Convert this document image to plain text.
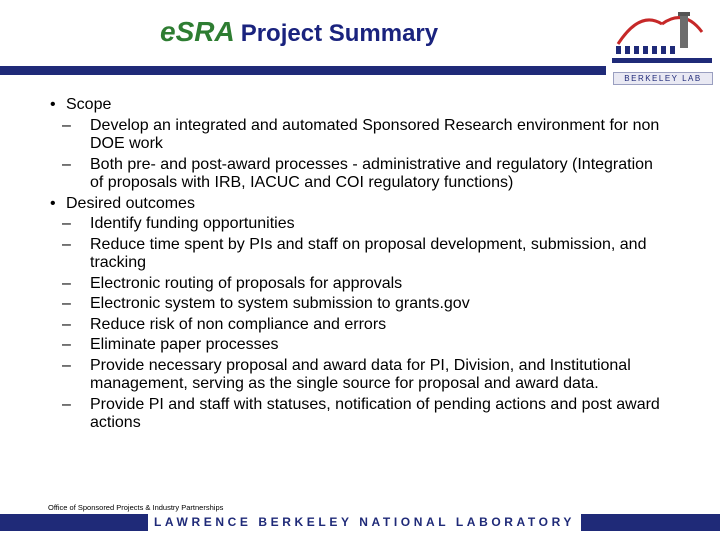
eSRA Project Summary
BERKELEY LAB
• Scope
– Develop an integrated and automated Sponsored Research environment for non DOE work
– Both pre- and post-award processes - administrative and regulatory (Integration of proposals with IRB, IACUC and COI regulatory functions)
• Desired outcomes
– Identify funding opportunities
– Reduce time spent by PIs and staff on proposal development, submission, and tracking
– Electronic routing of proposals for approvals
– Electronic system to system submission to grants.gov
– Reduce risk of non compliance and errors
– Eliminate paper processes
– Provide necessary proposal and award data for PI, Division, and Institutional management, serving as the single source for proposal and award data.
– Provide PI and staff with statuses, notification of pending actions and post award actions
Office of Sponsored Projects & Industry Partnerships
LAWRENCE BERKELEY NATIONAL LABORATORY
